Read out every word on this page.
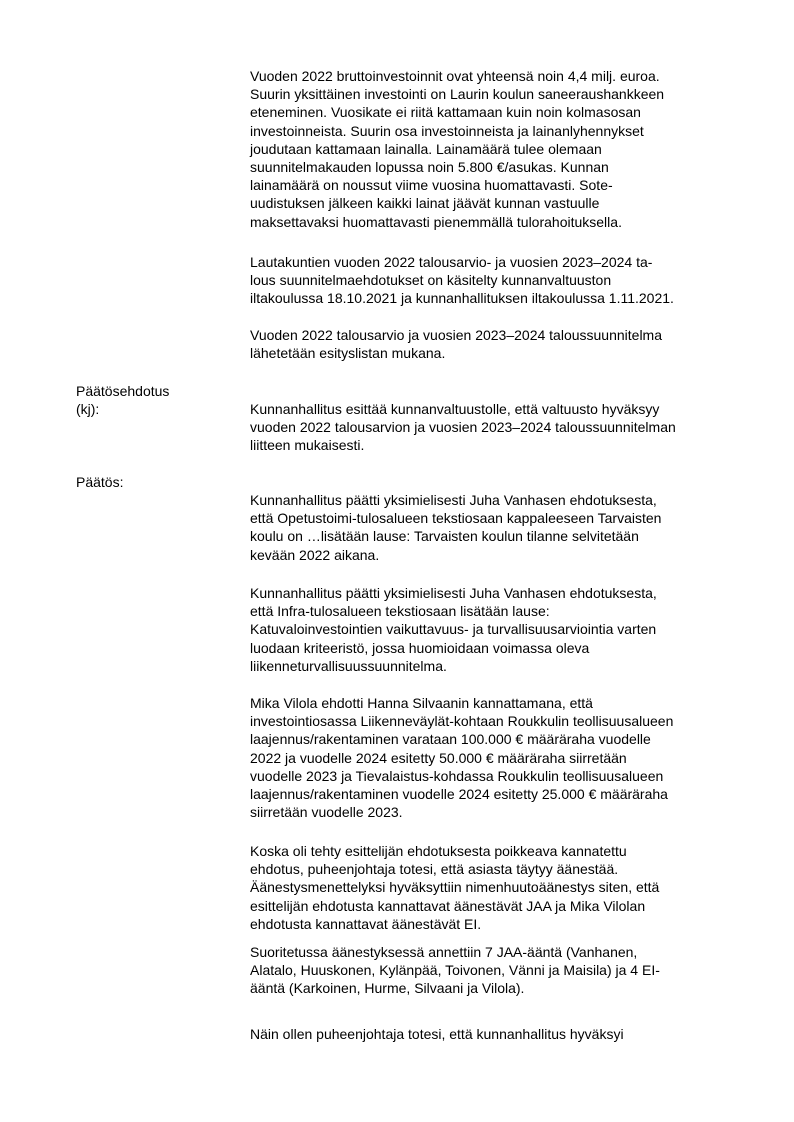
Vuoden 2022 bruttoinvestoinnit ovat yhteensä noin 4,4 milj. euroa.
Suurin yksittäinen investointi on Laurin koulun saneeraushankkeen
eteneminen. Vuosikate ei riitä kattamaan kuin noin kolmasosan
investoinneista. Suurin osa investoinneista ja lainanlyhennykset
joudutaan kattamaan lainalla. Lainamäärä tulee olemaan
suunnitelmakauden lopussa noin 5.800 €/asukas. Kunnan
lainamäärä on noussut viime vuosina huomattavasti. Sote-
uudistuksen jälkeen kaikki lainat jäävät kunnan vastuulle
maksettavaksi huomattavasti pienemmällä tulorahoituksella.
Lautakuntien vuoden 2022 talousarvio- ja vuosien 2023–2024 ta-
lous suunnitelmaehdotukset on käsitelty kunnanvaltuuston
iltakoulussa 18.10.2021 ja kunnanhallituksen iltakoulussa 1.11.2021.
Vuoden 2022 talousarvio ja vuosien 2023–2024 taloussuunnitelma
lähetetään esityslistan mukana.
Päätösehdotus
(kj):	Kunnanhallitus esittää kunnanvaltuustolle, että valtuusto hyväksyy
vuoden 2022 talousarvion ja vuosien 2023–2024 taloussuunnitelman
liitteen mukaisesti.
Päätös:
Kunnanhallitus päätti yksimielisesti Juha Vanhasen ehdotuksesta,
että Opetustoimi-tulosalueen tekstiosaan kappaleeseen Tarvaisten
koulu on …lisätään lause: Tarvaisten koulun tilanne selvitetään
kevään 2022 aikana.
Kunnanhallitus päätti yksimielisesti Juha Vanhasen ehdotuksesta,
että Infra-tulosalueen tekstiosaan lisätään lause:
Katuvaloinvestointien vaikuttavuus- ja turvallisuusarviointia varten
luodaan kriteeristö, jossa huomioidaan voimassa oleva
liikenneturvallisuussuunnitelma.
Mika Vilola ehdotti Hanna Silvaanin kannattamana, että
investointiosassa Liikenneväylät-kohtaan Roukkulin teollisuusalueen
laajennus/rakentaminen varataan 100.000 € määräraha vuodelle
2022 ja vuodelle 2024 esitetty 50.000 € määräraha siirretään
vuodelle 2023 ja Tievalaistus-kohdassa Roukkulin teollisuusalueen
laajennus/rakentaminen vuodelle 2024 esitetty 25.000 € määräraha
siirretään vuodelle 2023.
Koska oli tehty esittelijän ehdotuksesta poikkeava kannatettu
ehdotus, puheenjohtaja totesi, että asiasta täytyy äänestää.
Äänestysmenettelyksi hyväksyttiin nimenhuutoäänestys siten, että
esittelijän ehdotusta kannattavat äänestävät JAA ja Mika Vilolan
ehdotusta kannattavat äänestävät EI.
Suoritetussa äänestyksessä annettiin 7 JAA-ääntä (Vanhanen,
Alatalo, Huuskonen, Kylänpää, Toivonen, Vänni ja Maisila) ja 4 EI-
ääntä (Karkoinen, Hurme, Silvaani ja Vilola).
Näin ollen puheenjohtaja totesi, että kunnanhallitus hyväksyi
